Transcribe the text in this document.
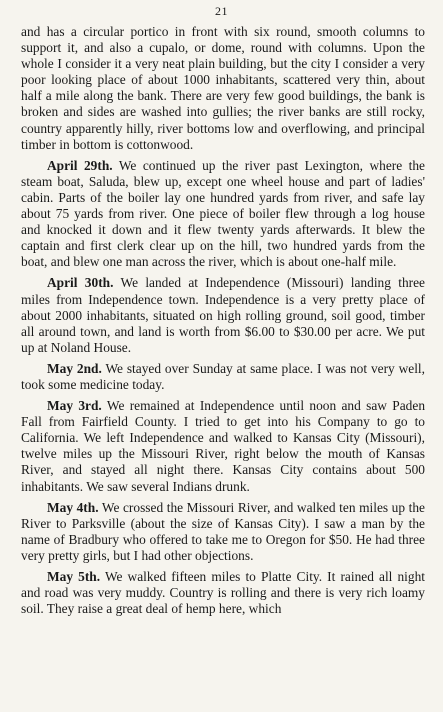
21

and has a circular portico in front with six round, smooth columns to support it, and also a cupalo, or dome, round with columns. Upon the whole I consider it a very neat plain building, but the city I consider a very poor looking place of about 1000 inhabitants, scattered very thin, about half a mile along the bank. There are very few good buildings, the bank is broken and sides are washed into gullies; the river banks are still rocky, country apparently hilly, river bottoms low and overflowing, and principal timber in bottom is cottonwood.

April 29th. We continued up the river past Lexington, where the steam boat, Saluda, blew up, except one wheel house and part of ladies' cabin. Parts of the boiler lay one hundred yards from river, and safe lay about 75 yards from river. One piece of boiler flew through a log house and knocked it down and it flew twenty yards afterwards. It blew the captain and first clerk clear up on the hill, two hundred yards from the boat, and blew one man across the river, which is about one-half mile.

April 30th. We landed at Independence (Missouri) landing three miles from Independence town. Independence is a very pretty place of about 2000 inhabitants, situated on high rolling ground, soil good, timber all around town, and land is worth from $6.00 to $30.00 per acre. We put up at Noland House.

May 2nd. We stayed over Sunday at same place. I was not very well, took some medicine today.

May 3rd. We remained at Independence until noon and saw Paden Fall from Fairfield County. I tried to get into his Company to go to California. We left Independence and walked to Kansas City (Missouri), twelve miles up the Missouri River, right below the mouth of Kansas River, and stayed all night there. Kansas City contains about 500 inhabitants. We saw several Indians drunk.

May 4th. We crossed the Missouri River, and walked ten miles up the River to Parksville (about the size of Kansas City). I saw a man by the name of Bradbury who offered to take me to Oregon for $50. He had three very pretty girls, but I had other objections.

May 5th. We walked fifteen miles to Platte City. It rained all night and road was very muddy. Country is rolling and there is very rich loamy soil. They raise a great deal of hemp here, which
